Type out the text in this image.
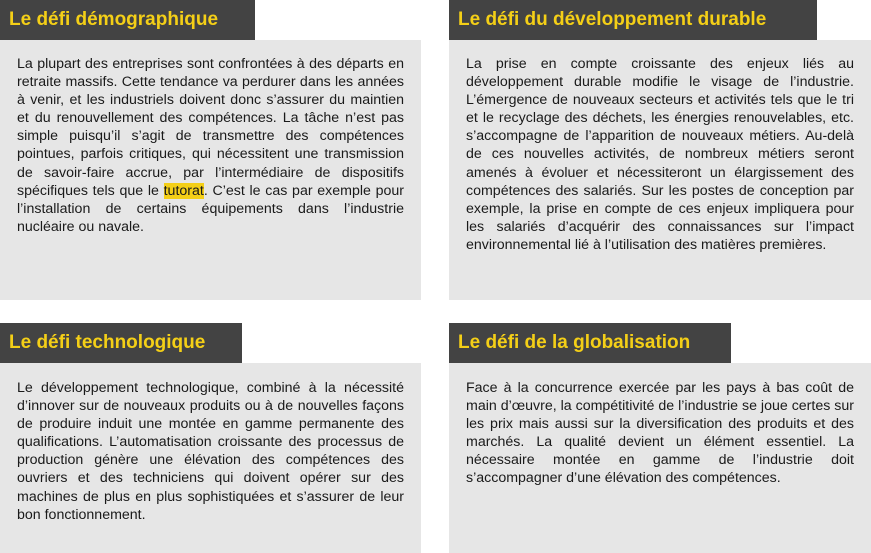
La plupart des entreprises sont confrontées à des départs en retraite massifs. Cette tendance va perdurer dans les années à venir, et les industriels doivent donc s’assurer du maintien et du renouvellement des compétences. La tâche n’est pas simple puisqu’il s’agit de transmettre des compétences pointues, parfois critiques, qui nécessitent une transmission de savoir-faire accrue, par l’intermédiaire de dispositifs spécifiques tels que le tutorat. C’est le cas par exemple pour l’installation de certains équipements dans l’industrie nucléaire ou navale.

Le défi démographique

La prise en compte croissante des enjeux liés au développement durable modifie le visage de l’industrie. L’émergence de nouveaux secteurs et activités tels que le tri et le recyclage des déchets, les énergies renouvelables, etc. s’accompagne de l’apparition de nouveaux métiers. Au-delà de ces nouvelles activités, de nombreux métiers seront amenés à évoluer et nécessiteront un élargissement des compétences des salariés. Sur les postes de conception par exemple, la prise en compte de ces enjeux impliquera pour les salariés d’acquérir des connaissances sur l’impact environnemental lié à l’utilisation des matières premières.

Le défi du développement durable

Le développement technologique, combiné à la nécessité d’innover sur de nouveaux produits ou à de nouvelles façons de produire induit une montée en gamme permanente des qualifications. L’automatisation croissante des processus de production génère une élévation des compétences des ouvriers et des techniciens qui doivent opérer sur des machines de plus en plus sophistiquées et s’assurer de leur bon fonctionnement.

Le défi technologique

Face à la concurrence exercée par les pays à bas coût de main d’œuvre, la compétitivité de l’industrie se joue certes sur les prix mais aussi sur la diversification des produits et des marchés. La qualité devient un élément essentiel. La nécessaire montée en gamme de l’industrie doit s’accompagner d’une élévation des compétences.

Le défi de la globalisation
